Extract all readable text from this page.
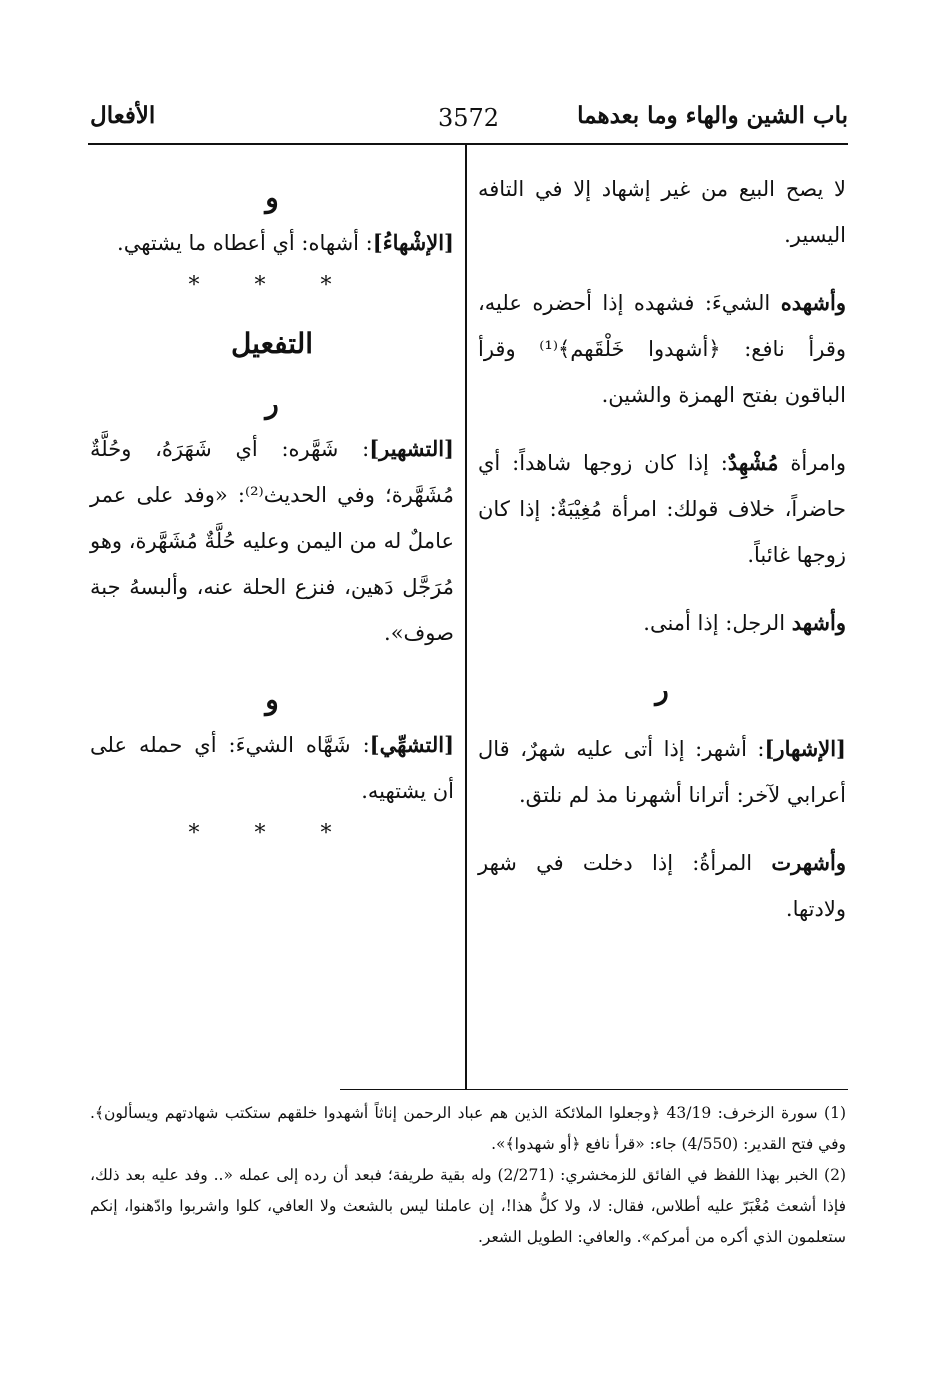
باب الشين والهاء وما بعدهما
3572
الأفعال

لا يصح البيع من غير إشهاد إلا في التافه اليسير.

وأشهده الشيءَ: فشهده إذا أحضره عليه، وقرأ نافع: ﴿أشهدوا خَلْقَهم﴾⁽¹⁾ وقرأ الباقون بفتح الهمزة والشين.

وامرأة مُشْهِدٌ: إذا كان زوجها شاهداً: أي حاضراً، خلاف قولك: امرأة مُغِيْبَةٌ: إذا كان زوجها غائباً.

وأشهد الرجل: إذا أمنى.

ر

[الإشهار]: أشهر: إذا أتى عليه شهرٌ، قال أعرابي لآخر: أترانا أشهرنا مذ لم نلتق.

وأشهرت المرأةُ: إذا دخلت في شهر ولادتها.

و

[الإشْهاءُ]: أشهاه: أي أعطاه ما يشتهي.

* * *
التفعيل
ر

[التشهير]: شَهَّره: أي شَهَرَهُ، وحُلَّةٌ مُشَهَّرة؛ وفي الحديث⁽²⁾: «وفد على عمر عاملٌ له من اليمن وعليه حُلَّةٌ مُشَهَّرة، وهو مُرَجَّل دَهين، فنزع الحلة عنه، وألبسهُ جبة صوف».

و

[التشهِّي]: شَهَّاه الشيءَ: أي حمله على أن يشتهيه.

* * *

(1) سورة الزخرف: 43/19 ﴿وجعلوا الملائكة الذين هم عباد الرحمن إناثاً أشهدوا خلقهم ستكتب شهادتهم ويسألون﴾. وفي فتح القدير: (4/550) جاء: «قرأ نافع ﴿أو شهدوا﴾».

(2) الخبر بهذا اللفظ في الفائق للزمخشري: (2/271) وله بقية طريفة؛ فبعد أن رده إلى عمله «.. وفد عليه بعد ذلك، فإذا أشعث مُغْبَرّ عليه أطلاس، فقال: لا، ولا كلُّ هذا!، إن عاملنا ليس بالشعث ولا العافي، كلوا واشربوا وادّهنوا، إنكم ستعلمون الذي أكره من أمركم». والعافي: الطويل الشعر.
